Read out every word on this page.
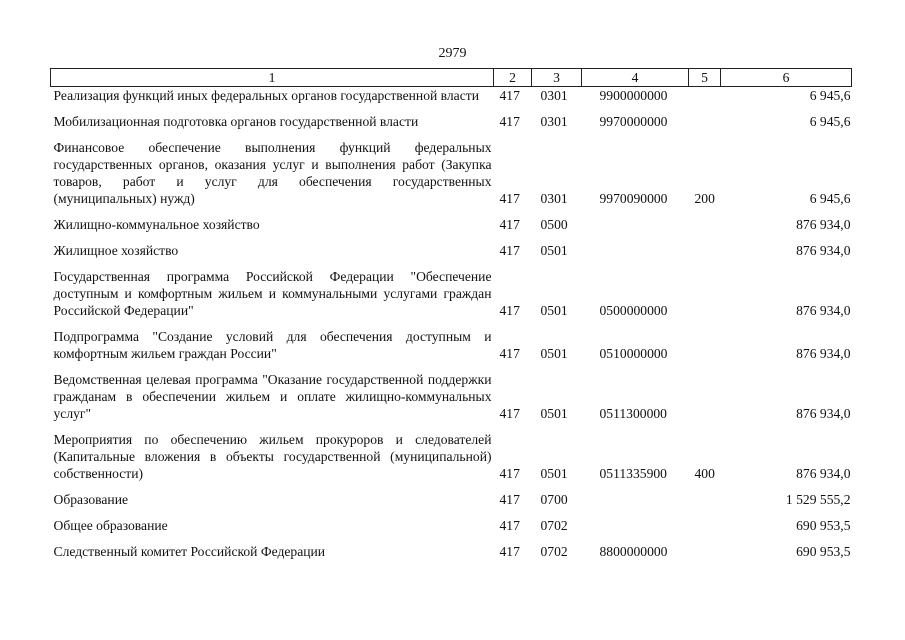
2979
1	2	3	4	5	6
Реализация функций иных федеральных органов государственной власти	417	0301	9900000000		6 945,6

Мобилизационная подготовка органов государственной власти	417	0301	9970000000		6 945,6

Финансовое обеспечение выполнения функций федеральных государственных органов, оказания услуг и выполнения работ (Закупка товаров, работ и услуг для обеспечения государственных (муниципальных) нужд)	417	0301	9970090000	200	6 945,6

Жилищно-коммунальное хозяйство	417	0500			876 934,0

Жилищное хозяйство	417	0501			876 934,0

Государственная программа Российской Федерации "Обеспечение доступным и комфортным жильем и коммунальными услугами граждан Российской Федерации"	417	0501	0500000000		876 934,0

Подпрограмма "Создание условий для обеспечения доступным и комфортным жильем граждан России"	417	0501	0510000000		876 934,0

Ведомственная целевая программа "Оказание государственной поддержки гражданам в обеспечении жильем и оплате жилищно-коммунальных услуг"	417	0501	0511300000		876 934,0

Мероприятия по обеспечению жильем прокуроров и следователей (Капитальные вложения в объекты государственной (муниципальной) собственности)	417	0501	0511335900	400	876 934,0

Образование	417	0700			1 529 555,2

Общее образование	417	0702			690 953,5

Следственный комитет Российской Федерации	417	0702	8800000000		690 953,5
